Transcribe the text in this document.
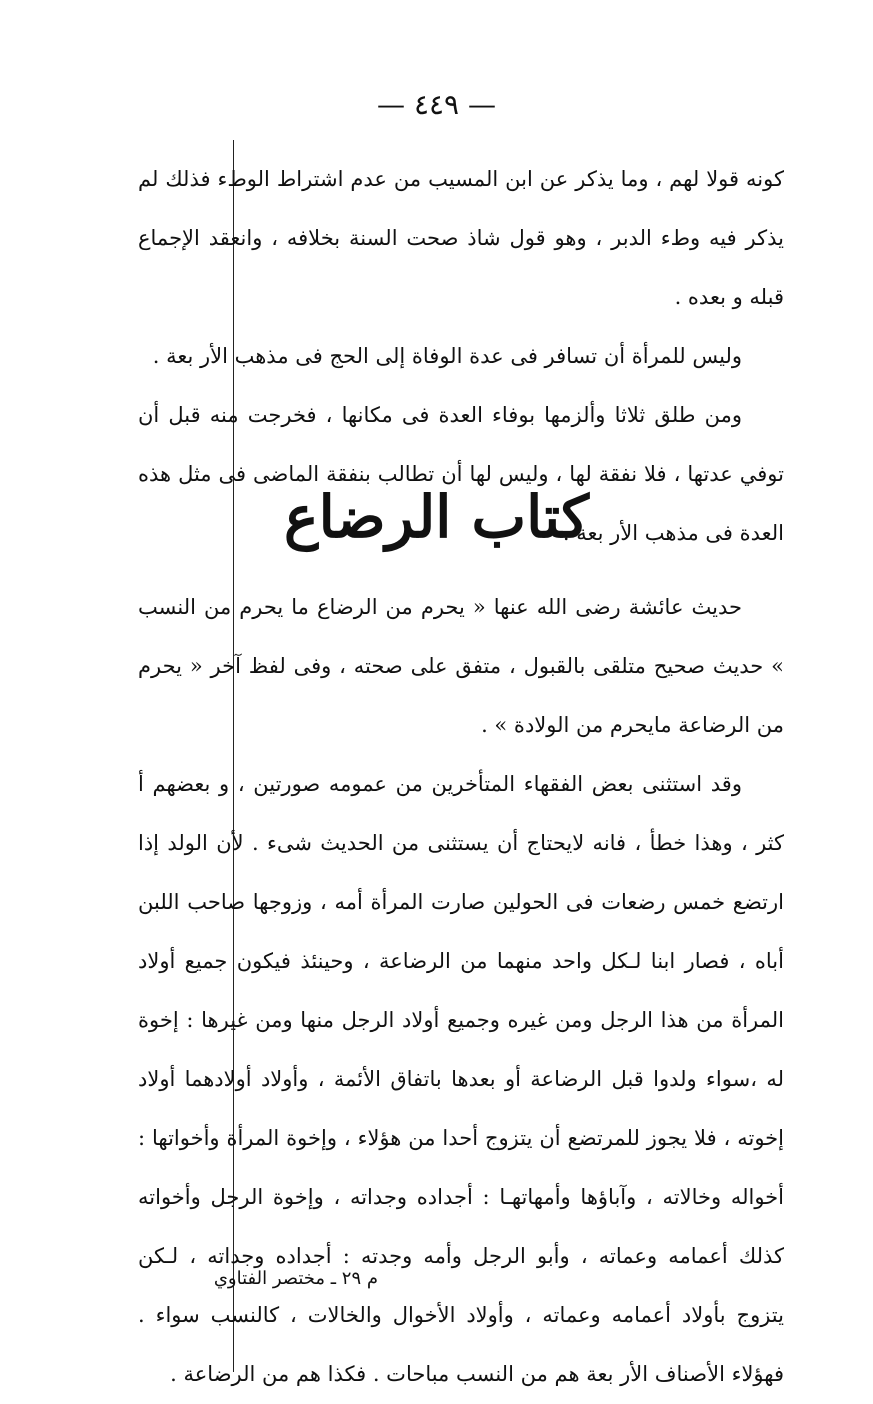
— ٤٤٩ —

كونه قولا لهم ، وما يذكر عن ابن المسيب من عدم اشتراط الوطء فذلك لم يذكر فيه وطء الدبر ، وهو قول شاذ صحت السنة بخلافه ، وانعقد الإجماع قبله و بعده .

وليس للمرأة أن تسافر فى عدة الوفاة إلى الحج فى مذهب الأر بعة .

ومن طلق ثلاثا وألزمها بوفاء العدة فى مكانها ، فخرجت منه قبل أن توفي عدتها ، فلا نفقة لها ، وليس لها أن تطالب بنفقة الماضى فى مثل هذه العدة فى مذهب الأر بعة .

كتاب الرضاع

حديث عائشة رضى الله عنها « يحرم من الرضاع ما يحرم من النسب » حديث صحيح متلقى بالقبول ، متفق على صحته ، وفى لفظ آخر « يحرم من الرضاعة مايحرم من الولادة » .

وقد استثنى بعض الفقهاء المتأخرين من عمومه صورتين ، و بعضهم أ كثر ، وهذا خطأ ، فانه لايحتاج أن يستثنى من الحديث شىء . لأن الولد إذا ارتضع خمس رضعات فى الحولين صارت المرأة أمه ، وزوجها صاحب اللبن أباه ، فصار ابنا لـكل واحد منهما من الرضاعة ، وحينئذ فيكون جميع أولاد المرأة من هذا الرجل ومن غيره وجميع أولاد الرجل منها ومن غيرها : إخوة له ،سواء ولدوا قبل الرضاعة أو بعدها باتفاق الأئمة ، وأولاد أولادهما أولاد إخوته ، فلا يجوز للمرتضع أن يتزوج أحدا من هؤلاء ، وإخوة المرأة وأخواتها : أخواله وخالاته ، وآباؤها وأمهاتهـا : أجداده وجداته ، وإخوة الرجل وأخواته كذلك أعمامه وعماته ، وأبو الرجل وأمه وجدته : أجداده وجداته ، لـكن يتزوج بأولاد أعمامه وعماته ، وأولاد الأخوال والخالات ، كالنسب سواء . فهؤلاء الأصناف الأر بعة هم من النسب مباحات . فكذا هم من الرضاعة .

م ٢٩ ـ مختصر الفتاوي
